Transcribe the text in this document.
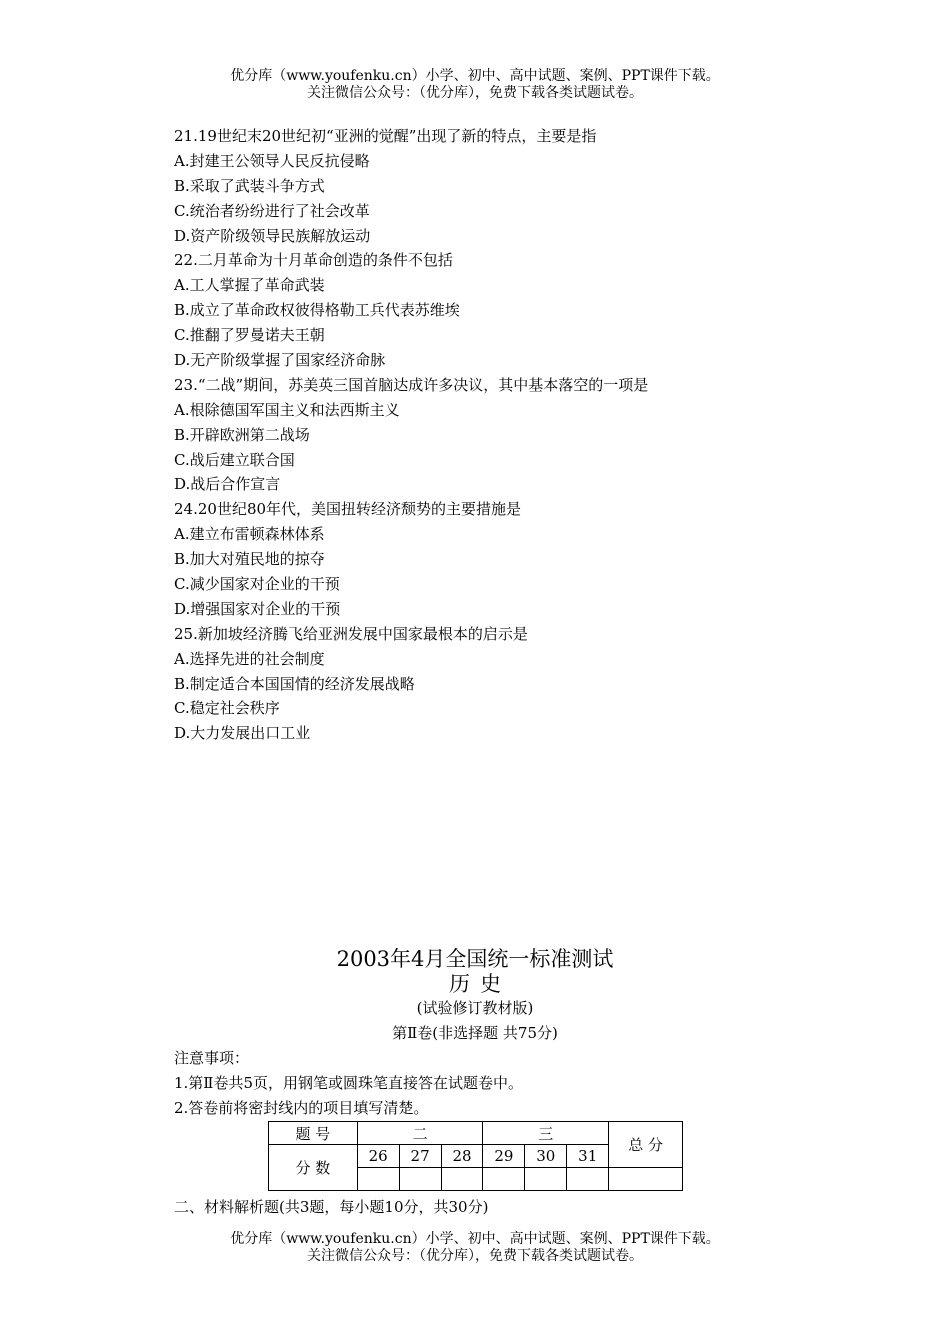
优分库（www.youfenku.cn）小学、初中、高中试题、案例、PPT课件下载。
关注微信公众号：（优分库），免费下载各类试题试卷。
21.19世纪末20世纪初“亚洲的觉醒”出现了新的特点，主要是指
A.封建王公领导人民反抗侵略
B.采取了武装斗争方式
C.统治者纷纷进行了社会改革
D.资产阶级领导民族解放运动
22.二月革命为十月革命创造的条件不包括
A.工人掌握了革命武装
B.成立了革命政权彼得格勒工兵代表苏维埃
C.推翻了罗曼诺夫王朝
D.无产阶级掌握了国家经济命脉
23.“二战”期间，苏美英三国首脑达成许多决议，其中基本落空的一项是
A.根除德国军国主义和法西斯主义
B.开辟欧洲第二战场
C.战后建立联合国
D.战后合作宣言
24.20世纪80年代，美国扭转经济颓势的主要措施是
A.建立布雷顿森林体系
B.加大对殖民地的掠夺
C.减少国家对企业的干预
D.增强国家对企业的干预
25.新加坡经济腾飞给亚洲发展中国家最根本的启示是
A.选择先进的社会制度
B.制定适合本国国情的经济发展战略
C.稳定社会秩序
D.大力发展出口工业
2003年4月全国统一标准测试
历史
(试验修订教材版)
第Ⅱ卷(非选择题 共75分)
注意事项：
1.第Ⅱ卷共5页，用钢笔或圆珠笔直接答在试题卷中。
2.答卷前将密封线内的项目填写清楚。
题 号	二			三			总 分
分 数	26	27	28	29	30	31	

二、材料解析题(共3题，每小题10分，共30分)
优分库（www.youfenku.cn）小学、初中、高中试题、案例、PPT课件下载。
关注微信公众号：（优分库），免费下载各类试题试卷。
